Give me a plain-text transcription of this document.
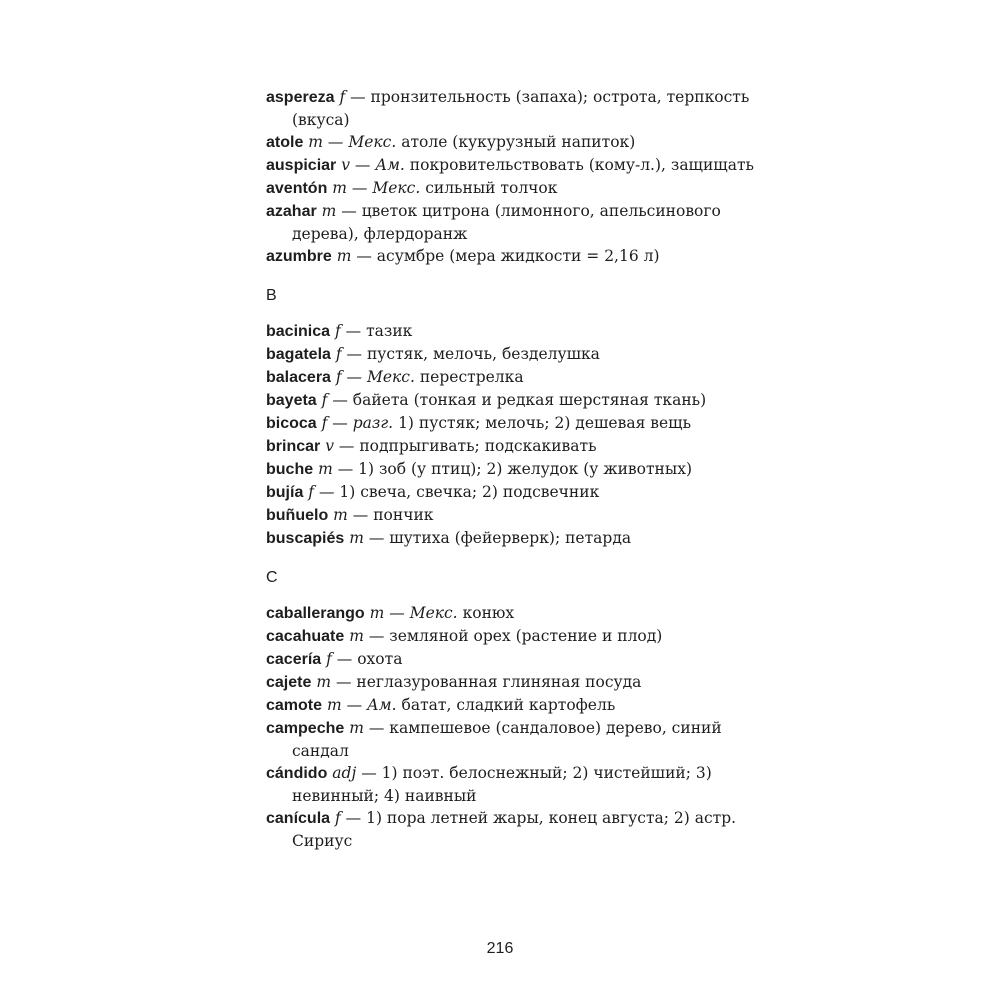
aspereza f — пронзительность (запаха); острота, терпкость (вкуса)

atole m — Мекс. атоле (кукурузный напиток)

auspiciar v — Ам. покровительствовать (кому-л.), защищать

aventón m — Мекс. сильный толчок

azahar m — цветок цитрона (лимонного, апельсинового дерева), флердоранж

azumbre m — асумбре (мера жидкости = 2,16 л)

B

bacinica f — тазик

bagatela f — пустяк, мелочь, безделушка

balacera f — Мекс. перестрелка

bayeta f — байета (тонкая и редкая шерстяная ткань)

bicoca f — разг. 1) пустяк; мелочь; 2) дешевая вещь

brincar v — подпрыгивать; подскакивать

buche m — 1) зоб (у птиц); 2) желудок (у животных)

bujía f — 1) свеча, свечка; 2) подсвечник

buñuelo m — пончик

buscapiés m — шутиха (фейерверк); петарда

C

caballerango m — Мекс. конюх

cacahuate m — земляной орех (растение и плод)

cacería f — охота

cajete m — неглазурованная глиняная посуда

camote m — Ам. батат, сладкий картофель

campeche m — кампешевое (сандаловое) дерево, синий сандал

cándido adj — 1) поэт. белоснежный; 2) чистейший; 3) невинный; 4) наивный

canícula f — 1) пора летней жары, конец августа; 2) астр. Сириус

216
